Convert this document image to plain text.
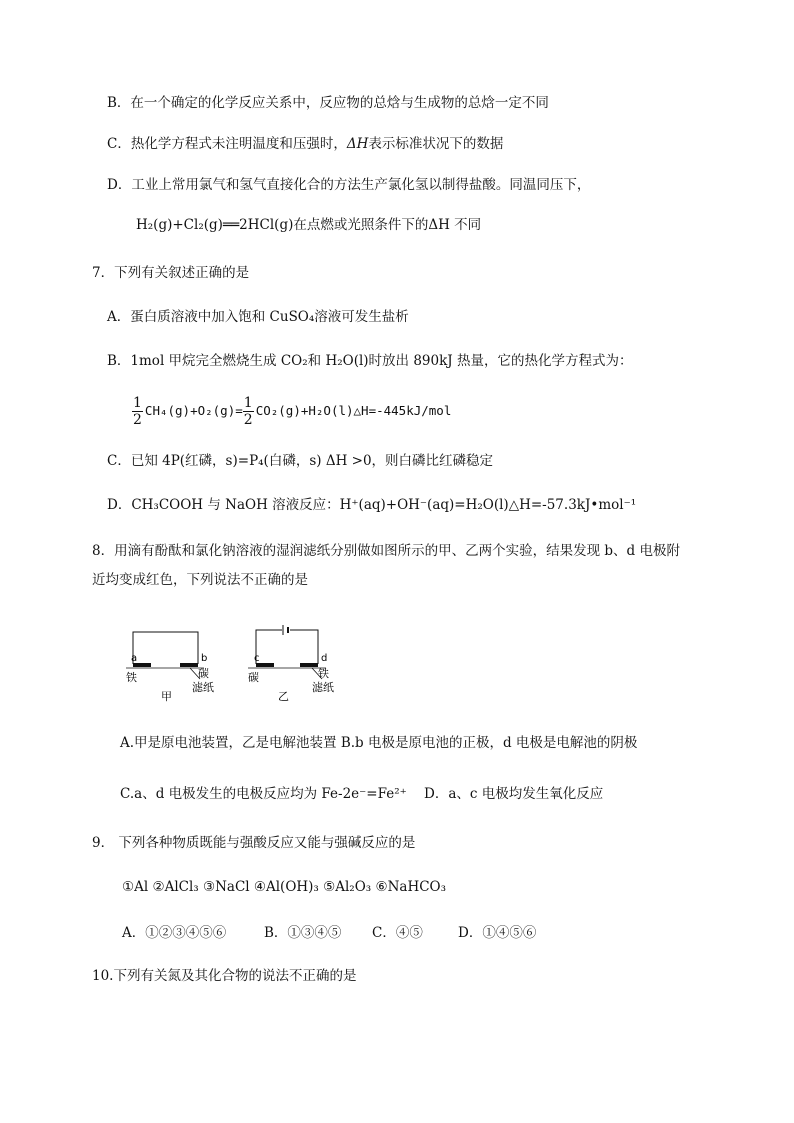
B．在一个确定的化学反应关系中，反应物的总焓与生成物的总焓一定不同
C．热化学方程式未注明温度和压强时，ΔH表示标准状况下的数据
D．工业上常用氯气和氢气直接化合的方法生产氯化氢以制得盐酸。同温同压下，
H₂(g)+Cl₂(g)══2HCl(g)在点燃或光照条件下的ΔH 不同
7．下列有关叙述正确的是
A．蛋白质溶液中加入饱和 CuSO₄溶液可发生盐析
B．1mol 甲烷完全燃烧生成 CO₂和 H₂O(l)时放出 890kJ 热量，它的热化学方程式为：
$\frac{1}{2} CH_4(g)+O_2(g)= \frac{1}{2}$ CO₂(g)+H₂O(l)△H=-445kJ/mol
C．已知 4P(红磷，s)=P₄(白磷，s) ΔH >0，则白磷比红磷稳定
D．CH₃COOH 与 NaOH 溶液反应：H⁺(aq)+OH⁻(aq)=H₂O(l)△H=-57.3kJ•mol⁻¹
8．用滴有酚酞和氯化钠溶液的湿润滤纸分别做如图所示的甲、乙两个实验，结果发现 b、d 电极附
近均变成红色，下列说法不正确的是
a	b
铁	碳
滤纸
甲
c	d
碳	铁
滤纸
乙
A.甲是原电池装置，乙是电解池装置 B.b 电极是原电池的正极，d 电极是电解池的阴极
C.a、d 电极发生的电极反应均为 Fe-2e⁻=Fe²⁺ D．a、c 电极均发生氧化反应
9． 下列各种物质既能与强酸反应又能与强碱反应的是
①Al ②AlCl₃ ③NaCl ④Al(OH)₃ ⑤Al₂O₃ ⑥NaHCO₃
A．①②③④⑤⑥	B．①③④⑤ C．④⑤	D．①④⑤⑥
10.下列有关氮及其化合物的说法不正确的是
